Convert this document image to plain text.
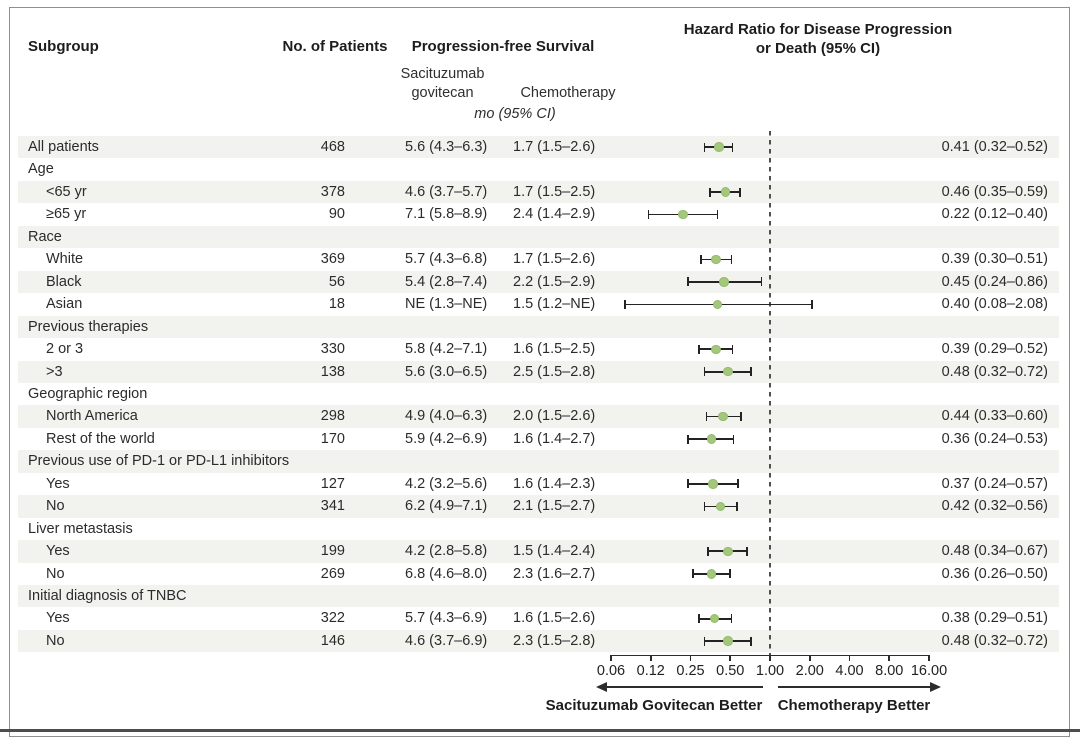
Subgroup	No. of Patients	Progression-free Survival
Hazard Ratio for Disease Progression
or Death (95% CI)
Sacituzumab
govitecan	Chemotherapy
mo (95% CI)
All patients	468	5.6 (4.3–6.3) 1.7 (1.5–2.6)	0.41 (0.32–0.52)
Age
<65 yr	378	4.6 (3.7–5.7) 1.7 (1.5–2.5)	0.46 (0.35–0.59)
≥65 yr	90	7.1 (5.8–8.9) 2.4 (1.4–2.9)	0.22 (0.12–0.40)
Race
White	369	5.7 (4.3–6.8) 1.7 (1.5–2.6)	0.39 (0.30–0.51)
Black	56	5.4 (2.8–7.4) 2.2 (1.5–2.9)	0.45 (0.24–0.86)
Asian	18	NE (1.3–NE) 1.5 (1.2–NE)	0.40 (0.08–2.08)
Previous therapies
2 or 3	330	5.8 (4.2–7.1) 1.6 (1.5–2.5)	0.39 (0.29–0.52)
>3	138	5.6 (3.0–6.5) 2.5 (1.5–2.8)	0.48 (0.32–0.72)
Geographic region
North America	298	4.9 (4.0–6.3) 2.0 (1.5–2.6)	0.44 (0.33–0.60)
Rest of the world	170	5.9 (4.2–6.9) 1.6 (1.4–2.7)	0.36 (0.24–0.53)
Previous use of PD-1 or PD-L1 inhibitors
Yes	127	4.2 (3.2–5.6) 1.6 (1.4–2.3)	0.37 (0.24–0.57)
No	341	6.2 (4.9–7.1) 2.1 (1.5–2.7)	0.42 (0.32–0.56)
Liver metastasis
Yes	199	4.2 (2.8–5.8) 1.5 (1.4–2.4)	0.48 (0.34–0.67)
No	269	6.8 (4.6–8.0) 2.3 (1.6–2.7)	0.36 (0.26–0.50)
Initial diagnosis of TNBC
Yes	322	5.7 (4.3–6.9) 1.6 (1.5–2.6)	0.38 (0.29–0.51)
No	146	4.6 (3.7–6.9) 2.3 (1.5–2.8)	0.48 (0.32–0.72)
0.06 0.12 0.25 0.50 1.00 2.00 4.00 8.00 16.00
Sacituzumab Govitecan Better	Chemotherapy Better
